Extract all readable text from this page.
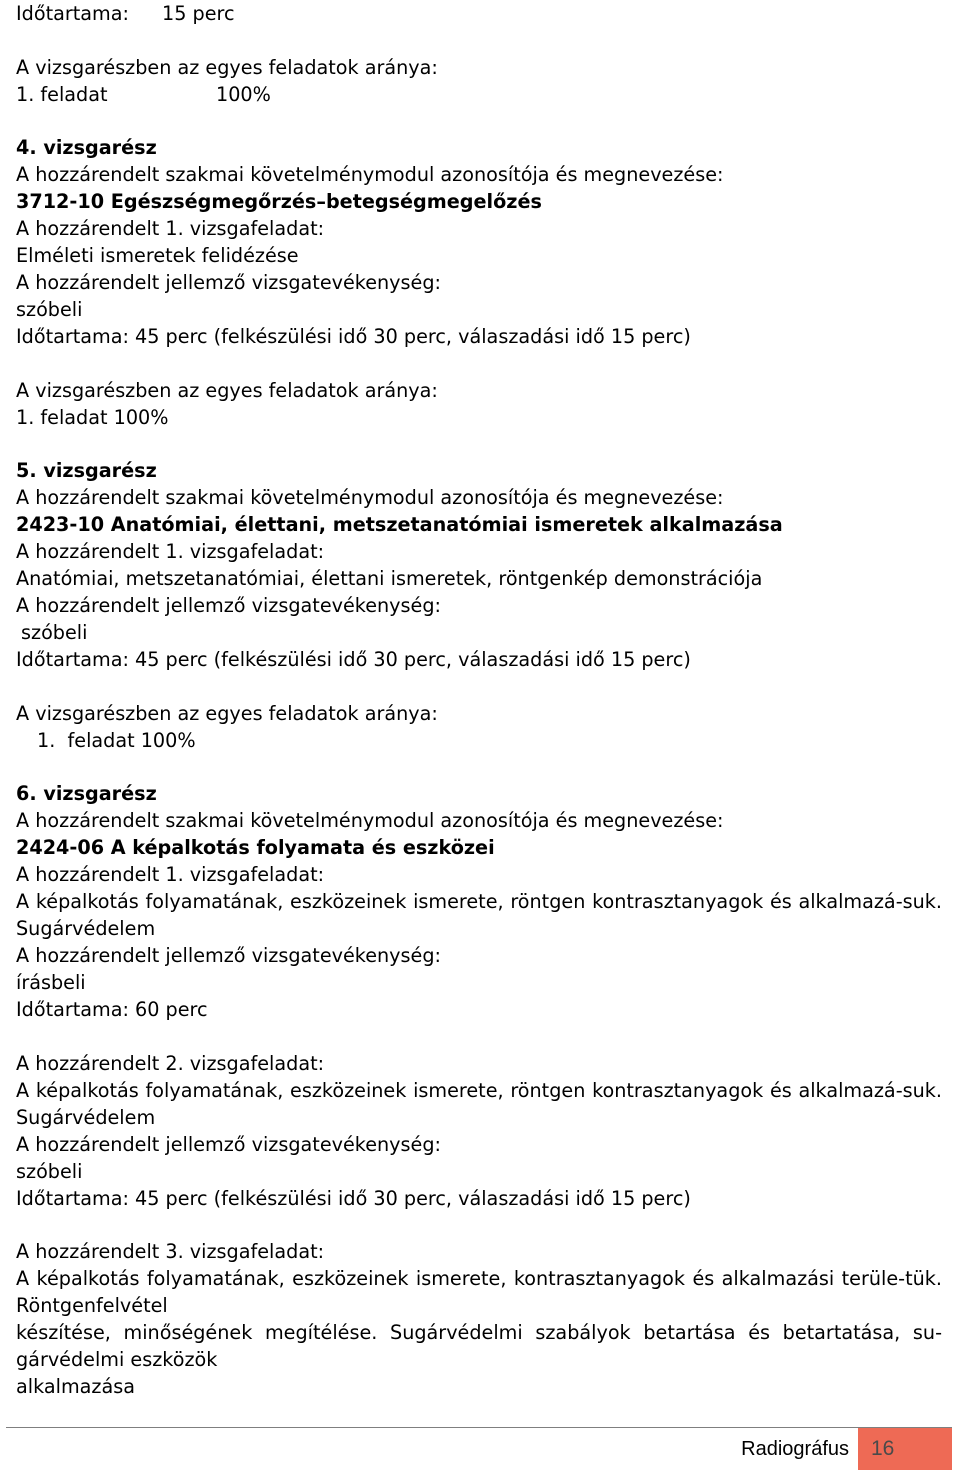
Időtartama: 15 perc
A vizsgarészben az egyes feladatok aránya:
1. feladat	100%
4. vizsgarész
A hozzárendelt szakmai követelménymodul azonosítója és megnevezése:
3712-10 Egészségmegőrzés–betegségmegelőzés
A hozzárendelt 1. vizsgafeladat:
Elméleti ismeretek felidézése
A hozzárendelt jellemző vizsgatevékenység:
szóbeli
Időtartama: 45 perc (felkészülési idő 30 perc, válaszadási idő 15 perc)
A vizsgarészben az egyes feladatok aránya:
1. feladat 100%
5. vizsgarész
A hozzárendelt szakmai követelménymodul azonosítója és megnevezése:
2423-10 Anatómiai, élettani, metszetanatómiai ismeretek alkalmazása
A hozzárendelt 1. vizsgafeladat:
Anatómiai, metszetanatómiai, élettani ismeretek, röntgenkép demonstrációja
A hozzárendelt jellemző vizsgatevékenység:
szóbeli
Időtartama: 45 perc (felkészülési idő 30 perc, válaszadási idő 15 perc)
A vizsgarészben az egyes feladatok aránya:
1.  feladat 100%
6. vizsgarész
A hozzárendelt szakmai követelménymodul azonosítója és megnevezése:
2424-06 A képalkotás folyamata és eszközei
A hozzárendelt 1. vizsgafeladat:
A képalkotás folyamatának, eszközeinek ismerete, röntgen kontrasztanyagok és alkalmazá-suk. Sugárvédelem
A hozzárendelt jellemző vizsgatevékenység:
írásbeli
Időtartama: 60 perc
A hozzárendelt 2. vizsgafeladat:
A képalkotás folyamatának, eszközeinek ismerete, röntgen kontrasztanyagok és alkalmazá-suk. Sugárvédelem
A hozzárendelt jellemző vizsgatevékenység:
szóbeli
Időtartama: 45 perc (felkészülési idő 30 perc, válaszadási idő 15 perc)
A hozzárendelt 3. vizsgafeladat:
A képalkotás folyamatának, eszközeinek ismerete, kontrasztanyagok és alkalmazási terüle-tük. Röntgenfelvétel
készítése, minőségének megítélése. Sugárvédelmi szabályok betartása és betartatása, su-gárvédelmi eszközök
alkalmazása
Radiográfus	16
